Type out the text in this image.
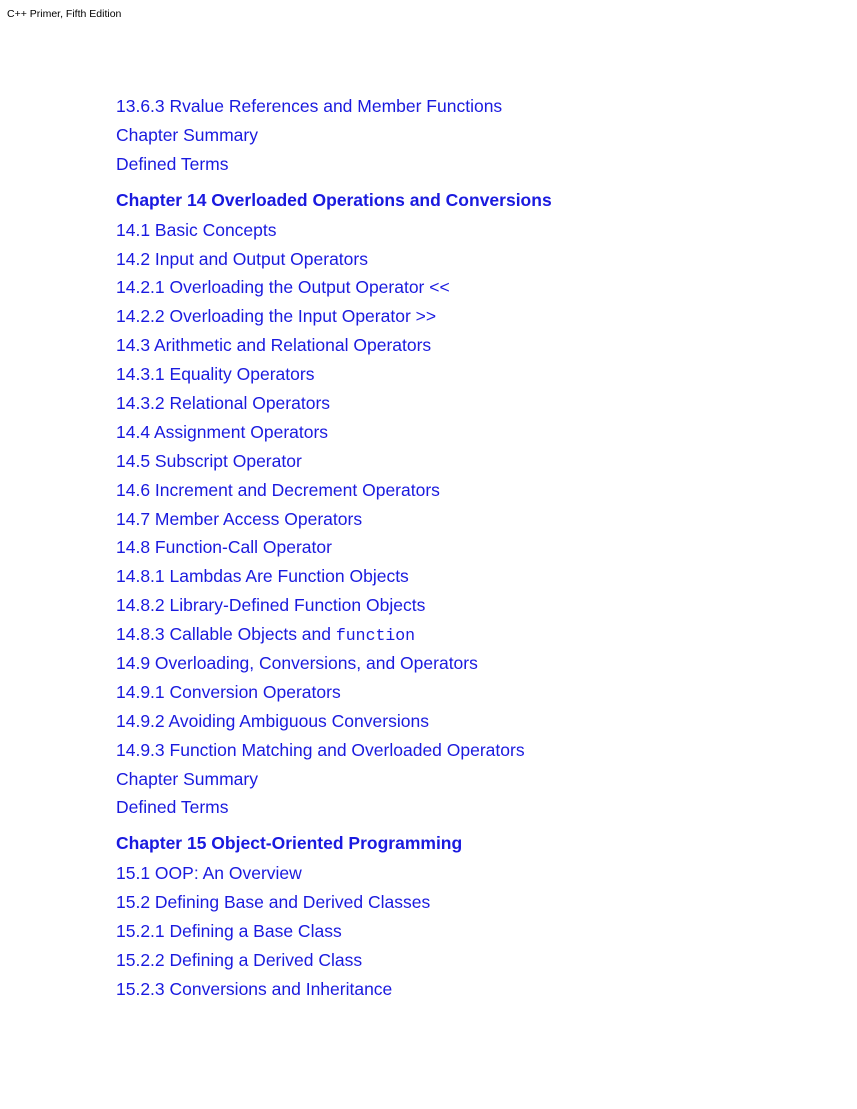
C++ Primer, Fifth Edition
13.6.3 Rvalue References and Member Functions
Chapter Summary
Defined Terms
Chapter 14 Overloaded Operations and Conversions
14.1 Basic Concepts
14.2 Input and Output Operators
14.2.1 Overloading the Output Operator <<
14.2.2 Overloading the Input Operator >>
14.3 Arithmetic and Relational Operators
14.3.1 Equality Operators
14.3.2 Relational Operators
14.4 Assignment Operators
14.5 Subscript Operator
14.6 Increment and Decrement Operators
14.7 Member Access Operators
14.8 Function-Call Operator
14.8.1 Lambdas Are Function Objects
14.8.2 Library-Defined Function Objects
14.8.3 Callable Objects and function
14.9 Overloading, Conversions, and Operators
14.9.1 Conversion Operators
14.9.2 Avoiding Ambiguous Conversions
14.9.3 Function Matching and Overloaded Operators
Chapter Summary
Defined Terms
Chapter 15 Object-Oriented Programming
15.1 OOP: An Overview
15.2 Defining Base and Derived Classes
15.2.1 Defining a Base Class
15.2.2 Defining a Derived Class
15.2.3 Conversions and Inheritance
